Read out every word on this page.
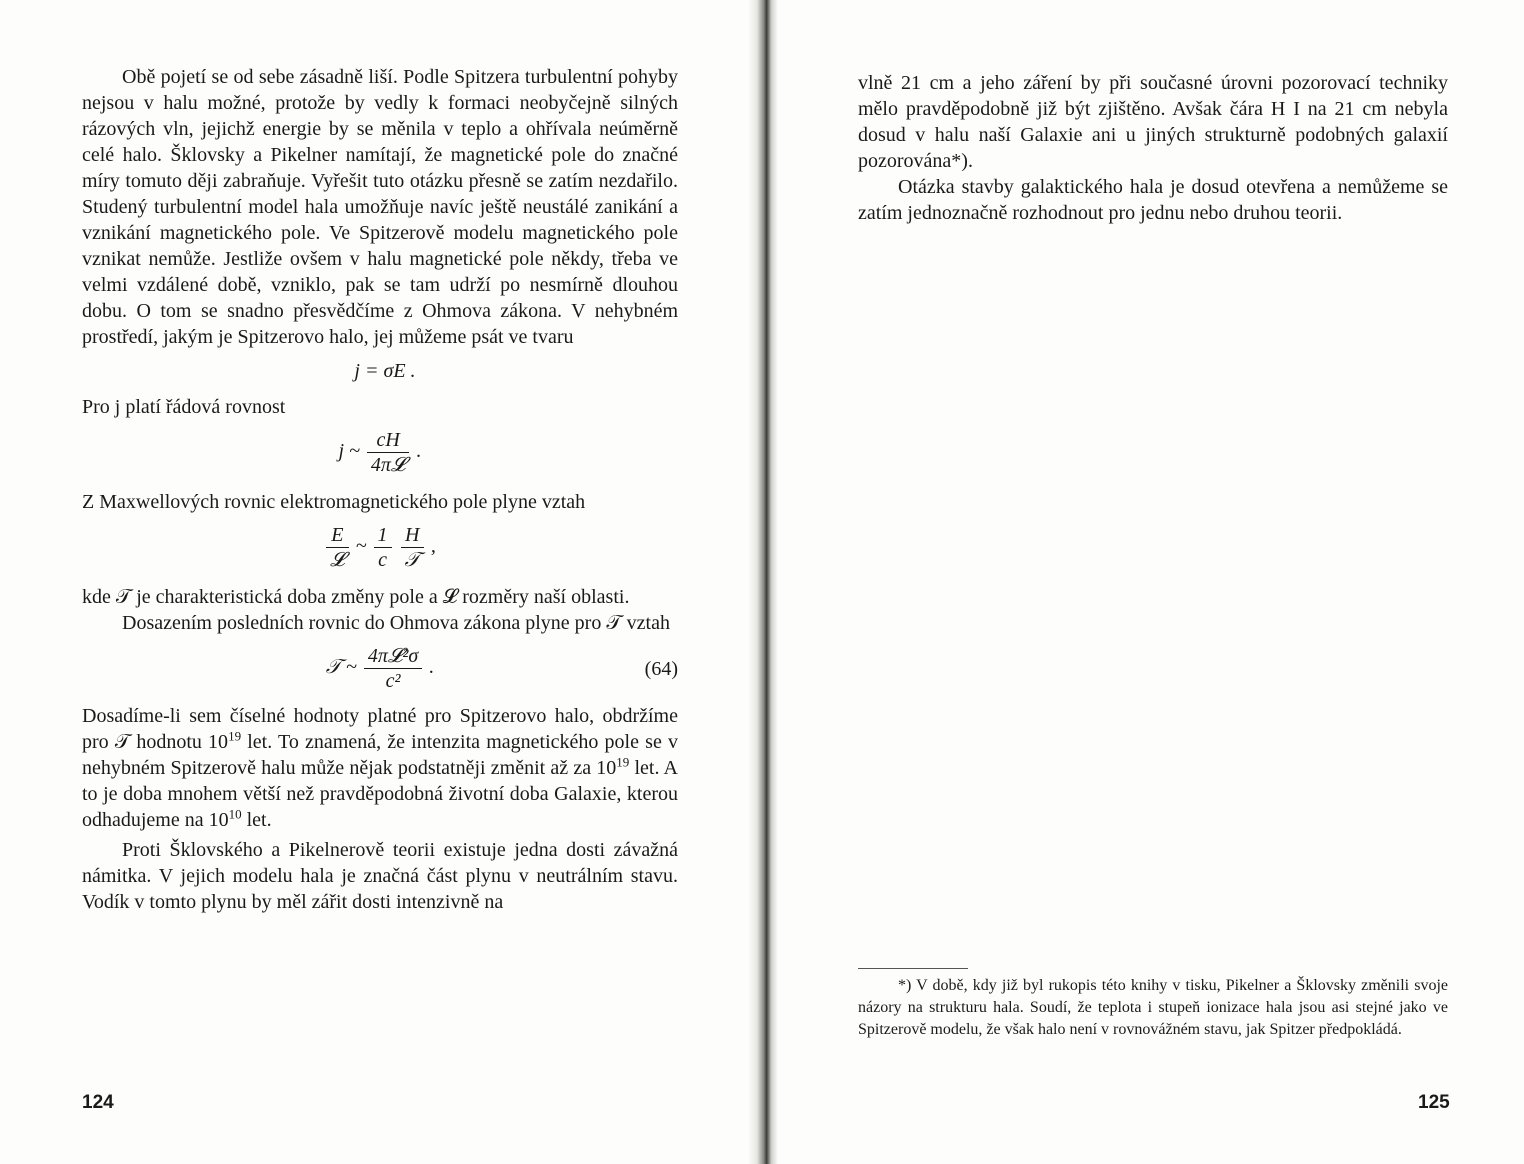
Obě pojetí se od sebe zásadně liší. Podle Spitzera turbulentní pohyby nejsou v halu možné, protože by vedly k formaci neobyčejně silných rázových vln, jejichž energie by se měnila v teplo a ohřívala neúměrně celé halo. Šklovsky a Pikelner namítají, že magnetické pole do značné míry tomuto ději zabraňuje. Vyřešit tuto otázku přesně se zatím nezdařilo. Studený turbulentní model hala umožňuje navíc ještě neustálé zanikání a vznikání magnetického pole. Ve Spitzerově modelu magnetického pole vznikat nemůže. Jestliže ovšem v halu magnetické pole někdy, třeba ve velmi vzdálené době, vzniklo, pak se tam udrží po nesmírně dlouhou dobu. O tom se snadno přesvědčíme z Ohmova zákona. V nehybném prostředí, jakým je Spitzerovo halo, jej můžeme psát ve tvaru

j = σE .

Pro j platí řádová rovnost

j ~ $\frac{cH}{\text{4π𝓛}}$ .

Z Maxwellových rovnic elektromagnetického pole plyne vztah

$\frac{E}{\text{𝓛}}$ ~ $\frac{1}{c}$
$\frac{H}{\text{𝒯}}$ ,

kde 𝒯 je charakteristická doba změny pole a 𝓛 rozměry naší oblasti.

Dosazením posledních rovnic do Ohmova zákona plyne pro 𝒯 vztah

𝒯 ~ $\frac{\text{4π𝓛²σ}}{\text{c²}}$ .	(64)

Dosadíme-li sem číselné hodnoty platné pro Spitzerovo halo, obdržíme pro 𝒯 hodnotu $10^{19}$ let. To znamená, že intenzita magnetického pole se v nehybném Spitzerově halu může nějak podstatněji změnit až za $10^{19}$ let. A to je doba mnohem větší než pravděpodobná životní doba Galaxie, kterou odhadujeme na $10^{10}$ let.

Proti Šklovského a Pikelnerově teorii existuje jedna dosti závažná námitka. V jejich modelu hala je značná část plynu v neutrálním stavu. Vodík v tomto plynu by měl zářit dosti intenzivně na

124

vlně 21 cm a jeho záření by při současné úrovni pozorovací techniky mělo pravděpodobně již být zjištěno. Avšak čára H I na 21 cm nebyla dosud v halu naší Galaxie ani u jiných strukturně podobných galaxií pozorována*).

Otázka stavby galaktického hala je dosud otevřena a nemůžeme se zatím jednoznačně rozhodnout pro jednu nebo druhou teorii.

*) V době, kdy již byl rukopis této knihy v tisku, Pikelner a Šklovsky změnili svoje názory na strukturu hala. Soudí, že teplota i stupeň ionizace hala jsou asi stejné jako ve Spitzerově modelu, že však halo není v rovnovážném stavu, jak Spitzer předpokládá.
125
